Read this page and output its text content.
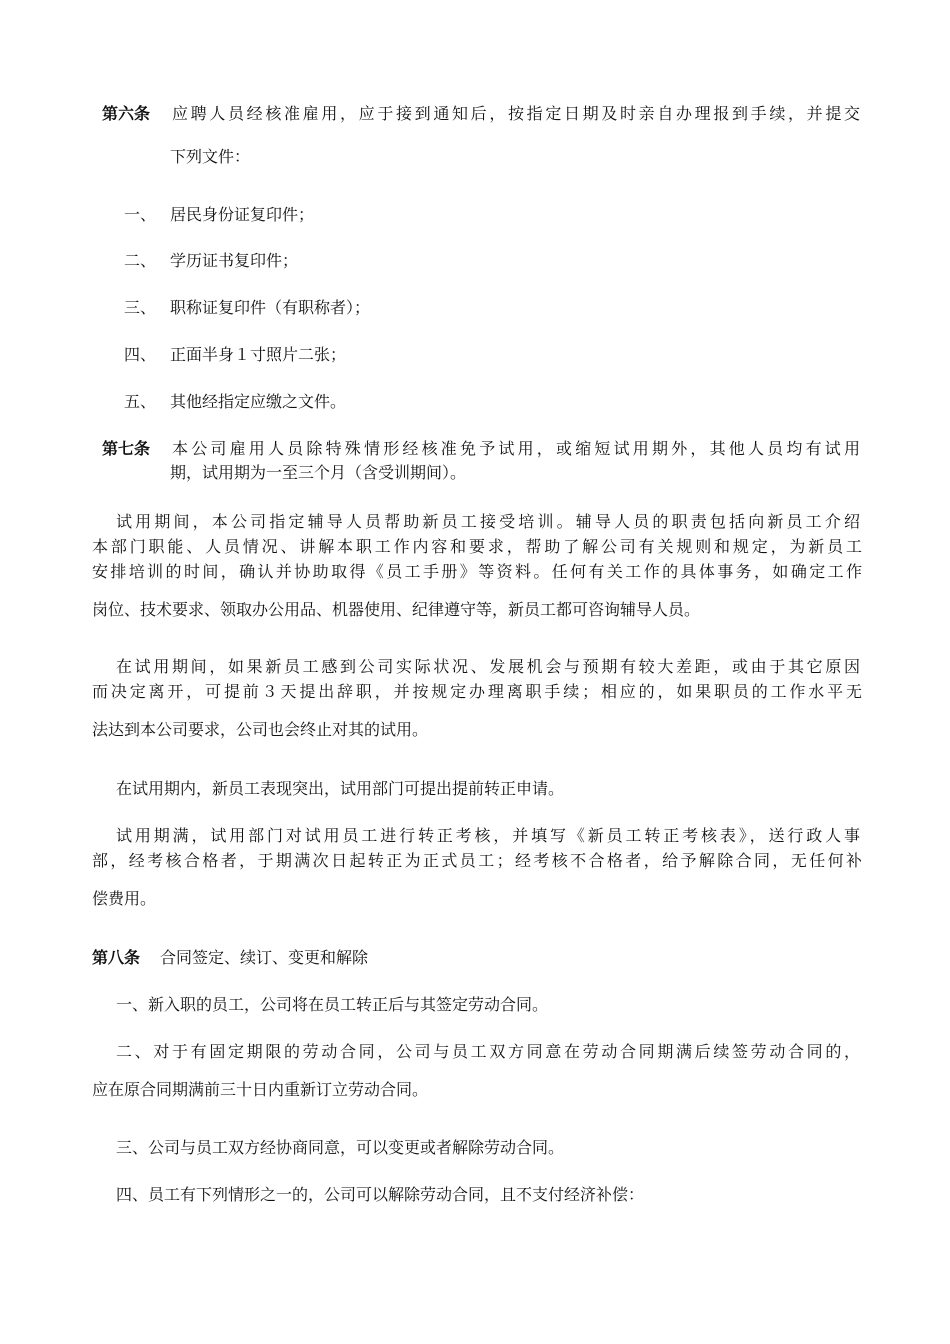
第六条 应聘人员经核准雇用，应于接到通知后，按指定日期及时亲自办理报到手续，并提交
下列文件：
一、 居民身份证复印件；
二、 学历证书复印件；
三、 职称证复印件（有职称者）；
四、 正面半身１寸照片二张；
五、 其他经指定应缴之文件。
第七条 本公司雇用人员除特殊情形经核准免予试用，或缩短试用期外，其他人员均有试用
期，试用期为一至三个月（含受训期间）。
试用期间，本公司指定辅导人员帮助新员工接受培训。辅导人员的职责包括向新员工介绍
本部门职能、人员情况、讲解本职工作内容和要求，帮助了解公司有关规则和规定，为新员工
安排培训的时间，确认并协助取得《员工手册》等资料。任何有关工作的具体事务，如确定工作
岗位、技术要求、领取办公用品、机器使用、纪律遵守等，新员工都可咨询辅导人员。
在试用期间，如果新员工感到公司实际状况、发展机会与预期有较大差距，或由于其它原因
而决定离开，可提前３天提出辞职，并按规定办理离职手续；相应的，如果职员的工作水平无
法达到本公司要求，公司也会终止对其的试用。
在试用期内，新员工表现突出，试用部门可提出提前转正申请。
试用期满，试用部门对试用员工进行转正考核，并填写《新员工转正考核表》，送行政人事
部，经考核合格者，于期满次日起转正为正式员工；经考核不合格者，给予解除合同，无任何补
偿费用。
第八条 合同签定、续订、变更和解除
一、新入职的员工，公司将在员工转正后与其签定劳动合同。
二、对于有固定期限的劳动合同，公司与员工双方同意在劳动合同期满后续签劳动合同的，
应在原合同期满前三十日内重新订立劳动合同。
三、公司与员工双方经协商同意，可以变更或者解除劳动合同。
四、员工有下列情形之一的，公司可以解除劳动合同，且不支付经济补偿：
